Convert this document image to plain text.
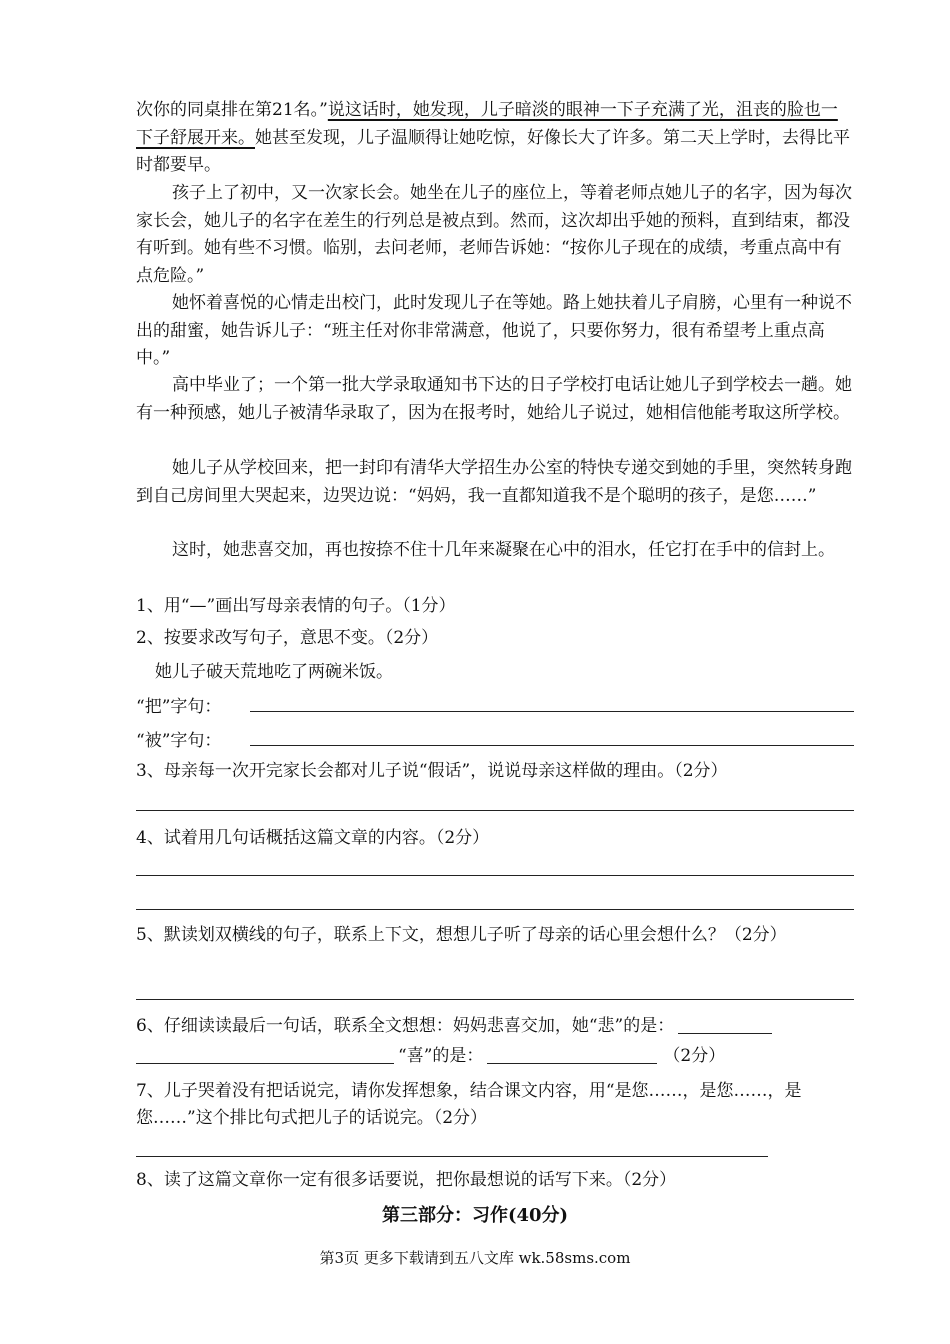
次你的同桌排在第21名。”说这话时，她发现，儿子暗淡的眼神一下子充满了光，沮丧的脸也一下子舒展开来。她甚至发现，儿子温顺得让她吃惊，好像长大了许多。第二天上学时，去得比平时都要早。

孩子上了初中，又一次家长会。她坐在儿子的座位上，等着老师点她儿子的名字，因为每次家长会，她儿子的名字在差生的行列总是被点到。然而，这次却出乎她的预料，直到结束，都没有听到。她有些不习惯。临别，去问老师，老师告诉她：“按你儿子现在的成绩，考重点高中有点危险。”

她怀着喜悦的心情走出校门，此时发现儿子在等她。路上她扶着儿子肩膀，心里有一种说不出的甜蜜，她告诉儿子：“班主任对你非常满意，他说了，只要你努力，很有希望考上重点高中。”

高中毕业了；一个第一批大学录取通知书下达的日子学校打电话让她儿子到学校去一趟。她有一种预感，她儿子被清华录取了，因为在报考时，她给儿子说过，她相信他能考取这所学校。

她儿子从学校回来，把一封印有清华大学招生办公室的特快专递交到她的手里，突然转身跑到自己房间里大哭起来，边哭边说：“妈妈，我一直都知道我不是个聪明的孩子，是您……”

这时，她悲喜交加，再也按捺不住十几年来凝聚在心中的泪水，任它打在手中的信封上。

1、用“—”画出写母亲表情的句子。（1分）

2、按要求改写句子，意思不变。（2分）

她儿子破天荒地吃了两碗米饭。

“把”字句：

“被”字句：

3、母亲每一次开完家长会都对儿子说“假话”，说说母亲这样做的理由。（2分）

4、试着用几句话概括这篇文章的内容。（2分）

5、默读划双横线的句子，联系上下文，想想儿子听了母亲的话心里会想什么？（2分）

6、仔细读读最后一句话，联系全文想想：妈妈悲喜交加，她“悲”的是：

“喜”的是：	（2分）

7、儿子哭着没有把话说完，请你发挥想象，结合课文内容，用“是您……，是您……，是您……”这个排比句式把儿子的话说完。（2分）

8、读了这篇文章你一定有很多话要说，把你最想说的话写下来。（2分）

第三部分：习作(40分)

第3页 更多下载请到五八文库 wk.58sms.com
